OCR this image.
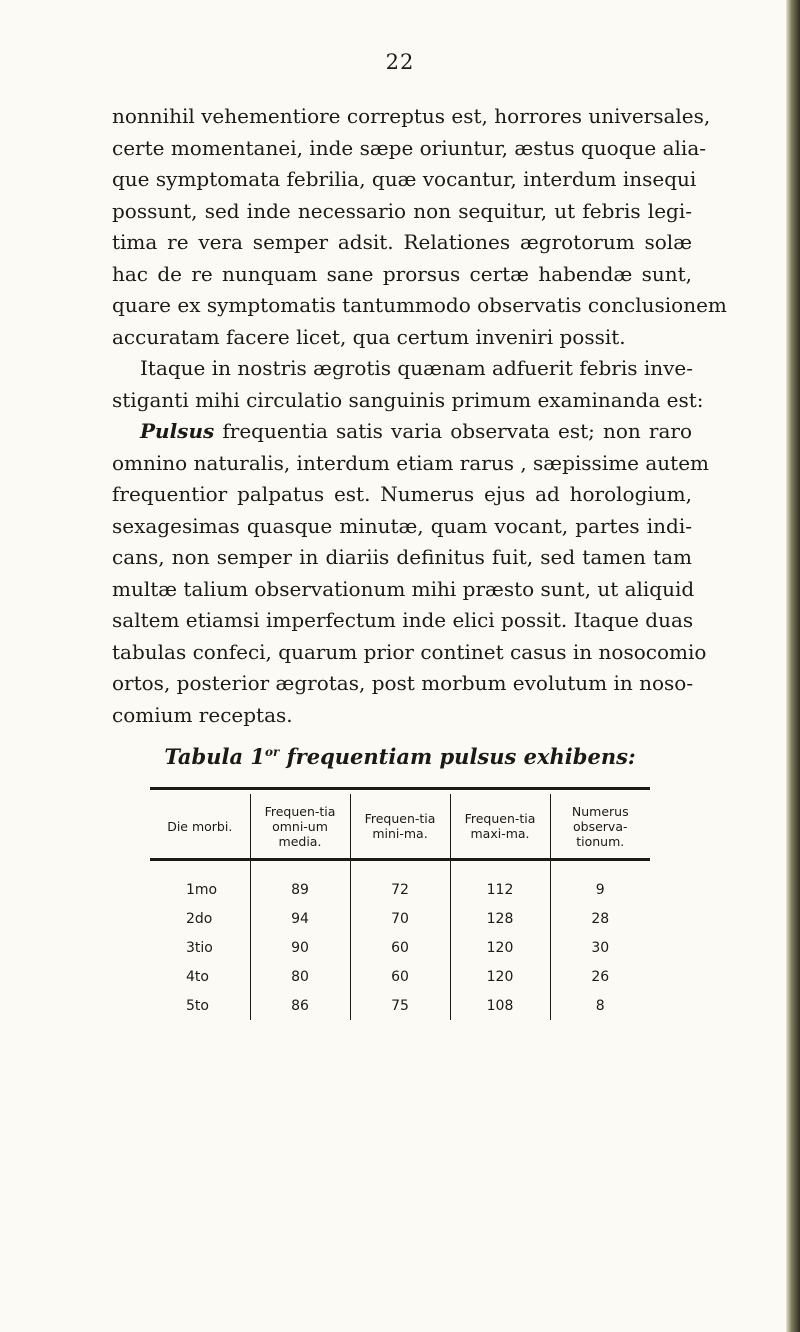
22
nonnihil vehementiore correptus est, horrores universales,
certe momentanei, inde sæpe oriuntur, æstus quoque alia-
que symptomata febrilia, quæ vocantur, interdum insequi
possunt, sed inde necessario non sequitur, ut febris legi-
tima re vera semper adsit. Relationes ægrotorum solæ
hac de re nunquam sane prorsus certæ habendæ sunt,
quare ex symptomatis tantummodo observatis conclusionem
accuratam facere licet, qua certum inveniri possit.
Itaque in nostris ægrotis quænam adfuerit febris inve-
stiganti mihi circulatio sanguinis primum examinanda est:
Pulsus frequentia satis varia observata est; non raro
omnino naturalis, interdum etiam rarus , sæpissime autem
frequentior palpatus est. Numerus ejus ad horologium,
sexagesimas quasque minutæ, quam vocant, partes indi-
cans, non semper in diariis definitus fuit, sed tamen tam
multæ talium observationum mihi præsto sunt, ut aliquid
saltem etiamsi imperfectum inde elici possit. Itaque duas
tabulas confeci, quarum prior continet casus in nosocomio
ortos, posterior ægrotas, post morbum evolutum in noso-
comium receptas.
Tabula $1^{or}$ frequentiam pulsus exhibens:

Die morbi.	Frequen-tia omni-um media.	Frequen-tia mini-ma.	Frequen-tia maxi-ma.	Numerus observa-tionum.
1mo	89	72	112	9
2do	94	70	128	28
3tio	90	60	120	30
4to	80	60	120	26
5to	86	75	108	8
